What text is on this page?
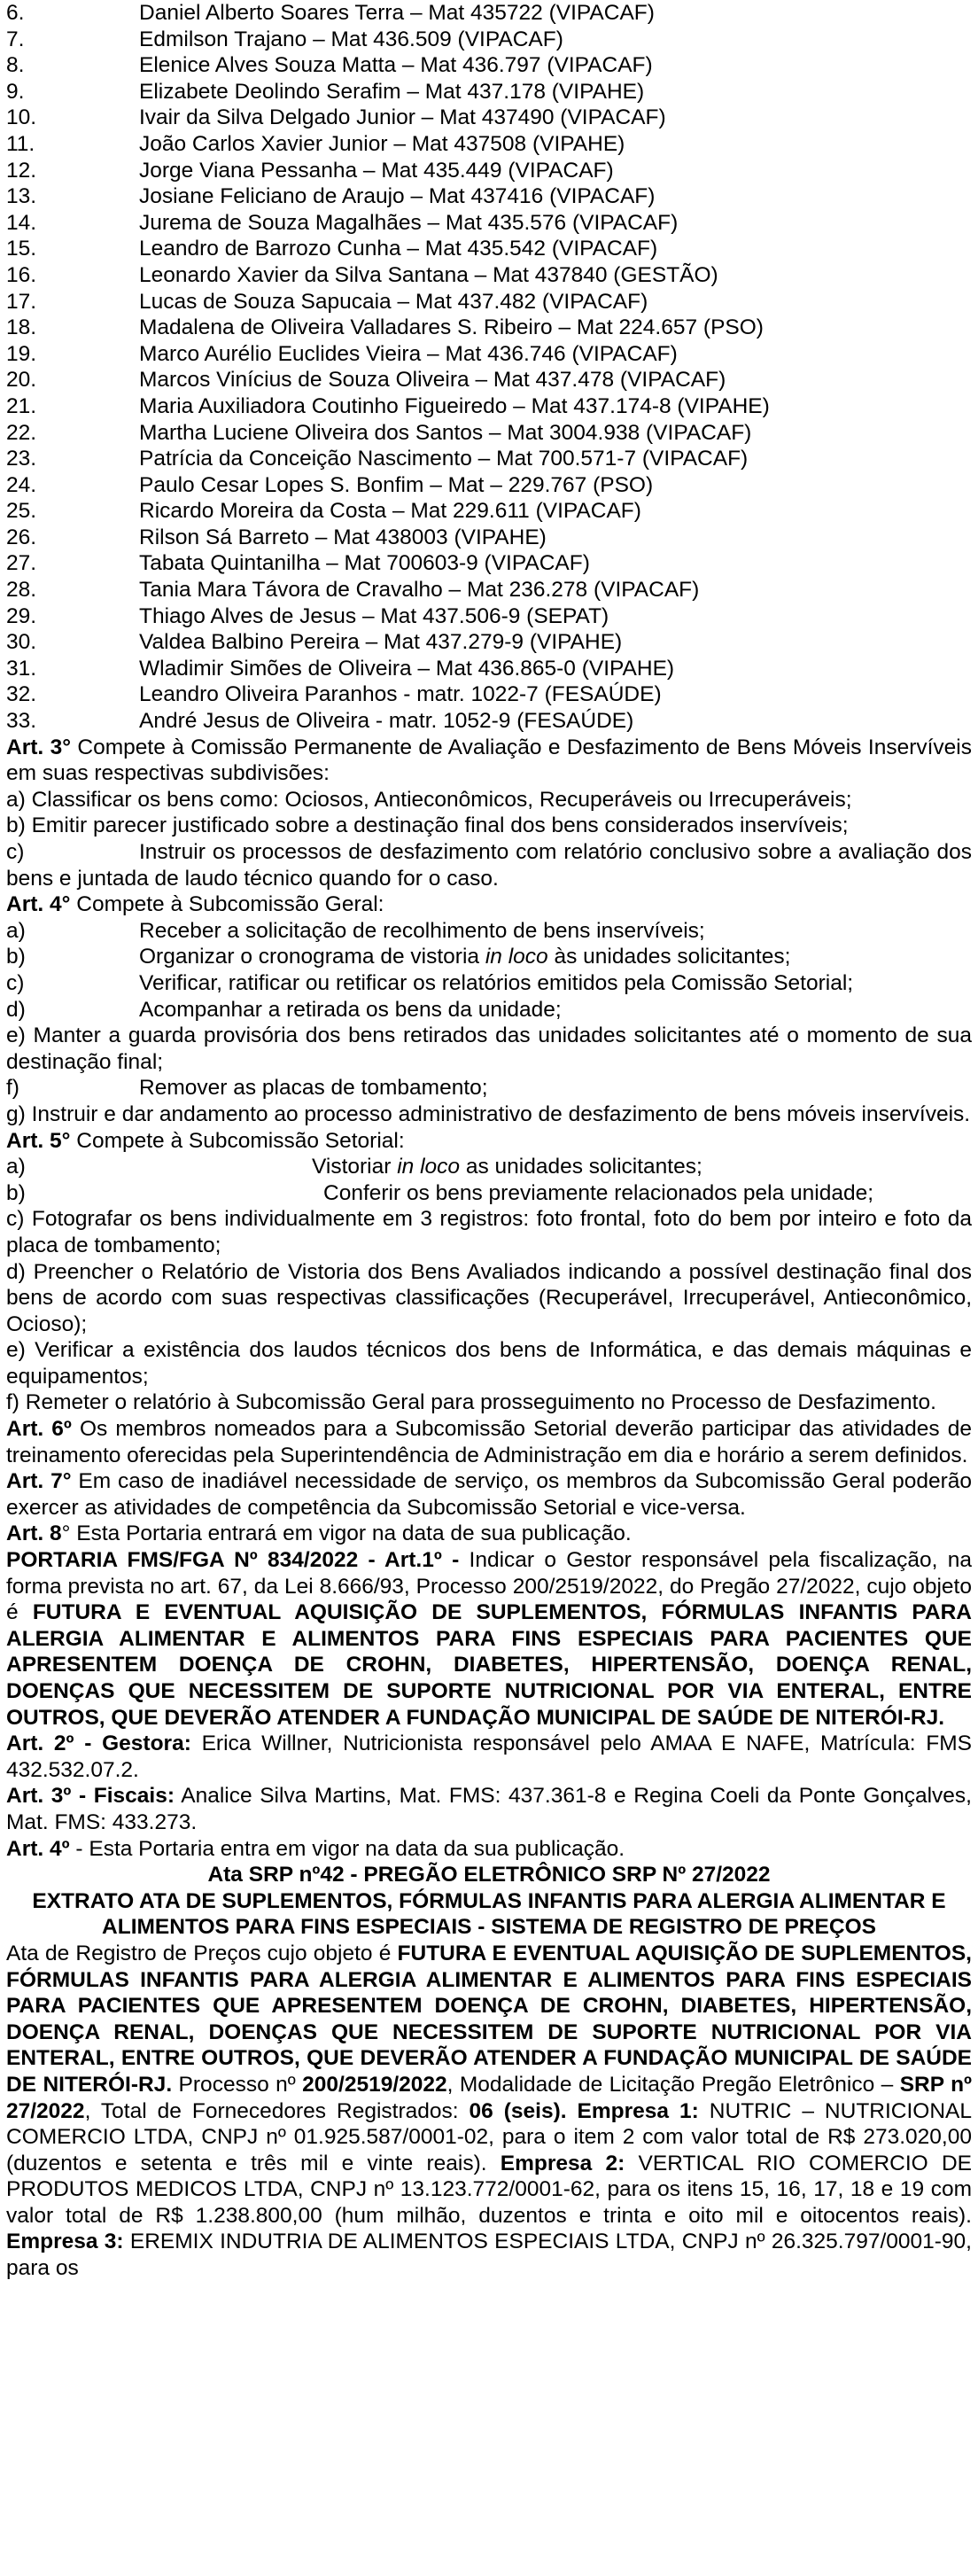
6.	Daniel Alberto Soares Terra – Mat 435722 (VIPACAF)
7.	Edmilson Trajano – Mat 436.509 (VIPACAF)
8.	Elenice Alves Souza Matta – Mat 436.797 (VIPACAF)
9.	Elizabete Deolindo Serafim – Mat 437.178 (VIPAHE)
10.	Ivair da Silva Delgado Junior – Mat 437490 (VIPACAF)
11.	João Carlos Xavier Junior – Mat 437508 (VIPAHE)
12.	Jorge Viana Pessanha – Mat 435.449 (VIPACAF)
13.	Josiane Feliciano de Araujo – Mat 437416 (VIPACAF)
14.	Jurema de Souza Magalhães – Mat 435.576 (VIPACAF)
15.	Leandro de Barrozo Cunha – Mat 435.542 (VIPACAF)
16.	Leonardo Xavier da Silva Santana – Mat 437840 (GESTÃO)
17.	Lucas de Souza Sapucaia – Mat 437.482 (VIPACAF)
18.	Madalena de Oliveira Valladares S. Ribeiro – Mat 224.657 (PSO)
19.	Marco Aurélio Euclides Vieira – Mat 436.746 (VIPACAF)
20.	Marcos Vinícius de Souza Oliveira – Mat 437.478 (VIPACAF)
21.	Maria Auxiliadora Coutinho Figueiredo – Mat 437.174-8 (VIPAHE)
22.	Martha Luciene Oliveira dos Santos – Mat 3004.938 (VIPACAF)
23.	Patrícia da Conceição Nascimento – Mat 700.571-7 (VIPACAF)
24.	Paulo Cesar Lopes S. Bonfim – Mat – 229.767 (PSO)
25.	Ricardo Moreira da Costa – Mat 229.611 (VIPACAF)
26.	Rilson Sá Barreto – Mat 438003 (VIPAHE)
27.	Tabata Quintanilha – Mat 700603-9 (VIPACAF)
28.	Tania Mara Távora de Cravalho – Mat 236.278 (VIPACAF)
29.	Thiago Alves de Jesus – Mat 437.506-9 (SEPAT)
30.	Valdea Balbino Pereira – Mat 437.279-9 (VIPAHE)
31.	Wladimir Simões de Oliveira – Mat 436.865-0 (VIPAHE)
32.	Leandro Oliveira Paranhos - matr. 1022-7 (FESAÚDE)
33.	André Jesus de Oliveira - matr. 1052-9 (FESAÚDE)

Art. 3° Compete à Comissão Permanente de Avaliação e Desfazimento de Bens Móveis Inservíveis em suas respectivas subdivisões:

a) Classificar os bens como: Ociosos, Antieconômicos, Recuperáveis ou Irrecuperáveis;

b) Emitir parecer justificado sobre a destinação final dos bens considerados inservíveis;

c)	Instruir os processos de desfazimento com relatório conclusivo sobre a avaliação dos bens e juntada de laudo técnico quando for o caso.

Art. 4° Compete à Subcomissão Geral:

a)	Receber a solicitação de recolhimento de bens inservíveis;
b)	Organizar o cronograma de vistoria in loco às unidades solicitantes;
c)	Verificar, ratificar ou retificar os relatórios emitidos pela Comissão Setorial;
d)	Acompanhar a retirada os bens da unidade;

e) Manter a guarda provisória dos bens retirados das unidades solicitantes até o momento de sua destinação final;

f)	Remover as placas de tombamento;

g) Instruir e dar andamento ao processo administrativo de desfazimento de bens móveis inservíveis.

Art. 5° Compete à Subcomissão Setorial:

a)	Vistoriar in loco as unidades solicitantes;
b)	Conferir os bens previamente relacionados pela unidade;

c) Fotografar os bens individualmente em 3 registros: foto frontal, foto do bem por inteiro e foto da placa de tombamento;

d) Preencher o Relatório de Vistoria dos Bens Avaliados indicando a possível destinação final dos bens de acordo com suas respectivas classificações (Recuperável, Irrecuperável, Antieconômico, Ocioso);

e) Verificar a existência dos laudos técnicos dos bens de Informática, e das demais máquinas e equipamentos;

f) Remeter o relatório à Subcomissão Geral para prosseguimento no Processo de Desfazimento.

Art. 6º Os membros nomeados para a Subcomissão Setorial deverão participar das atividades de treinamento oferecidas pela Superintendência de Administração em dia e horário a serem definidos.

Art. 7° Em caso de inadiável necessidade de serviço, os membros da Subcomissão Geral poderão exercer as atividades de competência da Subcomissão Setorial e vice-versa.

Art. 8° Esta Portaria entrará em vigor na data de sua publicação.

PORTARIA FMS/FGA Nº 834/2022 - Art.1º - Indicar o Gestor responsável pela fiscalização, na forma prevista no art. 67, da Lei 8.666/93, Processo 200/2519/2022, do Pregão 27/2022, cujo objeto é FUTURA E EVENTUAL AQUISIÇÃO DE SUPLEMENTOS, FÓRMULAS INFANTIS PARA ALERGIA ALIMENTAR E ALIMENTOS PARA FINS ESPECIAIS PARA PACIENTES QUE APRESENTEM DOENÇA DE CROHN, DIABETES, HIPERTENSÃO, DOENÇA RENAL, DOENÇAS QUE NECESSITEM DE SUPORTE NUTRICIONAL POR VIA ENTERAL, ENTRE OUTROS, QUE DEVERÃO ATENDER A FUNDAÇÃO MUNICIPAL DE SAÚDE DE NITERÓI-RJ.

Art. 2º - Gestora: Erica Willner, Nutricionista responsável pelo AMAA E NAFE, Matrícula: FMS 432.532.07.2.

Art. 3º - Fiscais: Analice Silva Martins, Mat. FMS: 437.361-8 e Regina Coeli da Ponte Gonçalves, Mat. FMS: 433.273.

Art. 4º - Esta Portaria entra em vigor na data da sua publicação.

Ata SRP nº42 - PREGÃO ELETRÔNICO SRP Nº 27/2022

EXTRATO ATA DE SUPLEMENTOS, FÓRMULAS INFANTIS PARA ALERGIA ALIMENTAR E ALIMENTOS PARA FINS ESPECIAIS - SISTEMA DE REGISTRO DE PREÇOS

Ata de Registro de Preços cujo objeto é FUTURA E EVENTUAL AQUISIÇÃO DE SUPLEMENTOS, FÓRMULAS INFANTIS PARA ALERGIA ALIMENTAR E ALIMENTOS PARA FINS ESPECIAIS PARA PACIENTES QUE APRESENTEM DOENÇA DE CROHN, DIABETES, HIPERTENSÃO, DOENÇA RENAL, DOENÇAS QUE NECESSITEM DE SUPORTE NUTRICIONAL POR VIA ENTERAL, ENTRE OUTROS, QUE DEVERÃO ATENDER A FUNDAÇÃO MUNICIPAL DE SAÚDE DE NITERÓI-RJ. Processo nº 200/2519/2022, Modalidade de Licitação Pregão Eletrônico – SRP nº 27/2022, Total de Fornecedores Registrados: 06 (seis). Empresa 1: NUTRIC – NUTRICIONAL COMERCIO LTDA, CNPJ nº 01.925.587/0001-02, para o item 2 com valor total de R$ 273.020,00 (duzentos e setenta e três mil e vinte reais). Empresa 2: VERTICAL RIO COMERCIO DE PRODUTOS MEDICOS LTDA, CNPJ nº 13.123.772/0001-62, para os itens 15, 16, 17, 18 e 19 com valor total de R$ 1.238.800,00 (hum milhão, duzentos e trinta e oito mil e oitocentos reais). Empresa 3: EREMIX INDUTRIA DE ALIMENTOS ESPECIAIS LTDA, CNPJ nº 26.325.797/0001-90, para os
